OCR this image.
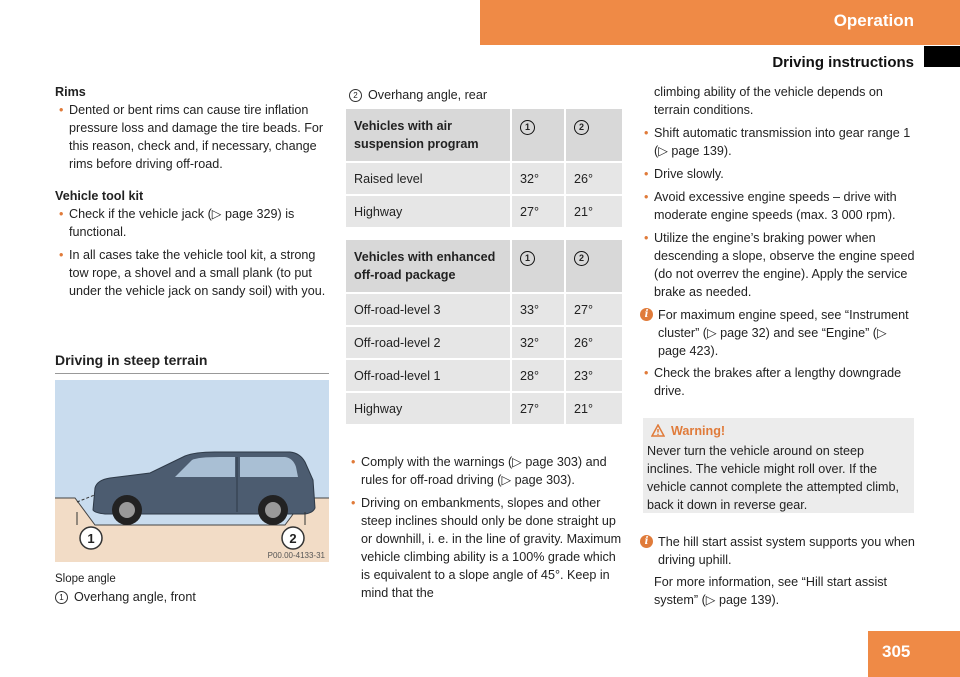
Operation
Driving instructions

Rims

• Dented or bent rims can cause tire inflation pressure loss and damage the tire beads. For this reason, check and, if necessary, change rims before driving off-road.

Vehicle tool kit

• Check if the vehicle jack (▷ page 329) is functional.

• In all cases take the vehicle tool kit, a strong tow rope, a shovel and a small plank (to put under the vehicle jack on sandy soil) with you.

Driving in steep terrain
1	2
P00.00-4133-31
Slope angle
1 Overhang angle, front
2 Overhang angle, rear
Vehicles with air suspension program	1	2
Raised level	32°	26°
Highway	27°	21°
Vehicles with enhanced off-road package	1	2
Off-road-level 3	33°	27°
Off-road-level 2	32°	26°
Off-road-level 1	28°	23°
Highway	27°	21°

• Comply with the warnings (▷ page 303) and rules for off-road driving (▷ page 303).

• Driving on embankments, slopes and other steep inclines should only be done straight up or downhill, i. e. in the line of gravity. Maximum vehicle climbing ability is a 100% grade which is equivalent to a slope angle of 45°. Keep in mind that the

climbing ability of the vehicle depends on terrain conditions.

• Shift automatic transmission into gear range 1 (▷ page 139).

• Drive slowly.

• Avoid excessive engine speeds – drive with moderate engine speeds (max. 3 000 rpm).

• Utilize the engine’s braking power when descending a slope, observe the engine speed (do not overrev the engine). Apply the service brake as needed.

i For maximum engine speed, see “Instrument cluster” (▷ page 32) and see “Engine” (▷ page 423).

• Check the brakes after a lengthy downgrade drive.

Warning!
Never turn the vehicle around on steep inclines. The vehicle might roll over. If the vehicle cannot complete the attempted climb, back it down in reverse gear.
i The hill start assist system supports you when driving uphill.

For more information, see “Hill start assist system” (▷ page 139).

305
